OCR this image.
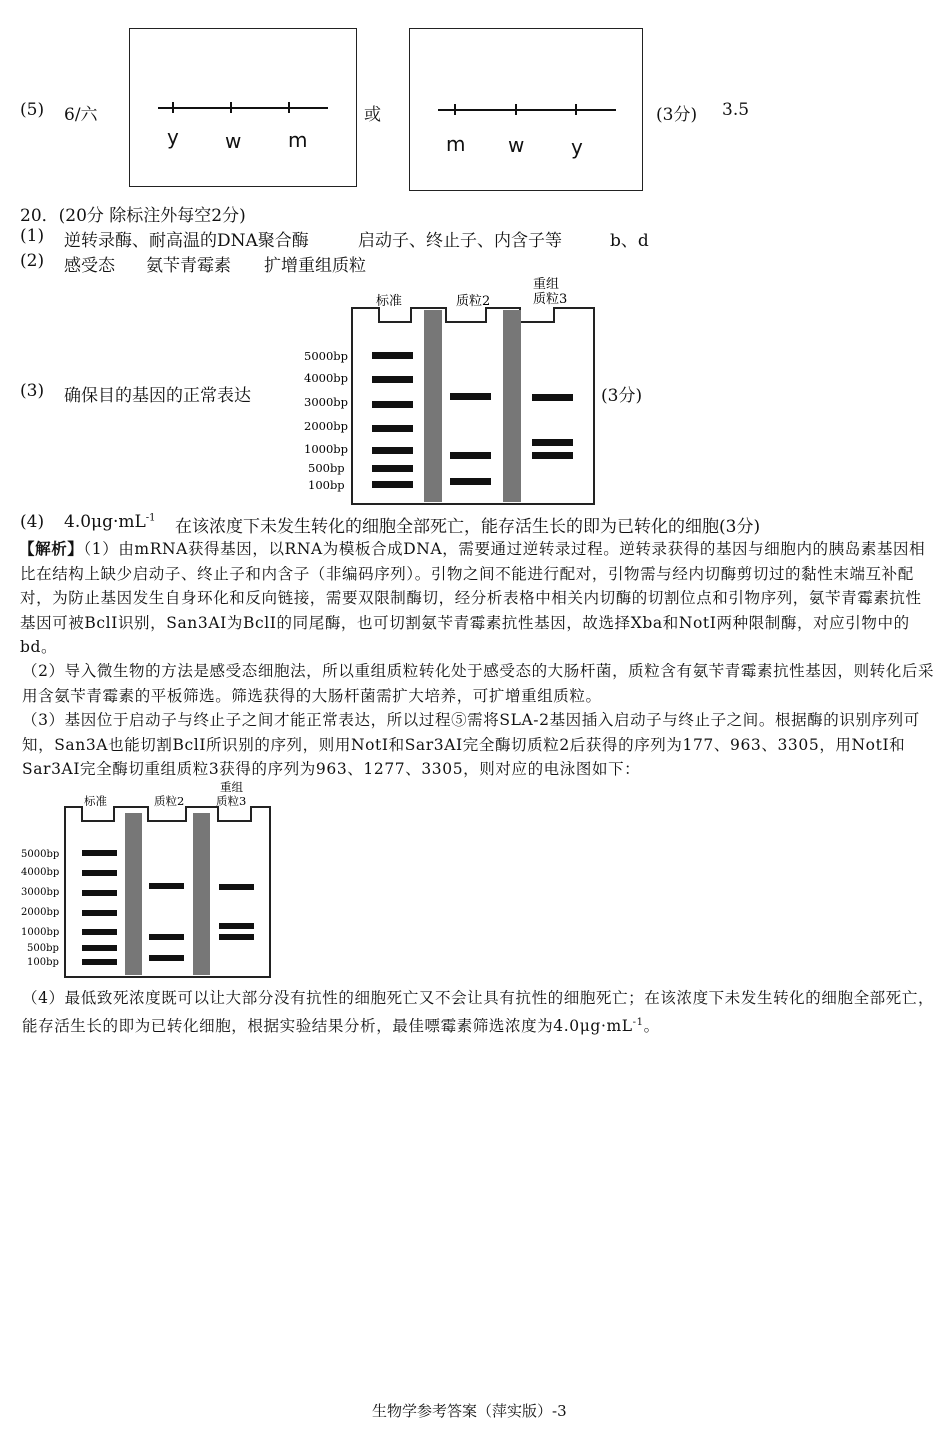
(5) 6/六
y w m
或
m w y
(3分) 3.5
20．(20分 除标注外每空2分)
(1) 逆转录酶、耐高温的DNA聚合酶	启动子、终止子、内含子等	b、d
(2) 感受态 氨苄青霉素 扩增重组质粒
(3) 确保目的基因的正常表达
标准	质粒2
重组
质粒3
5000bp
4000bp
3000bp
2000bp
1000bp
500bp
100bp
(3分)
(4) $4.0\mu g\cdot mL^{-1}$ 在该浓度下未发生转化的细胞全部死亡，能存活生长的即为已转化的细胞(3分)
【解析】（1）由mRNA获得基因，以RNA为模板合成DNA，需要通过逆转录过程。逆转录获得的基因与细胞内的胰岛素基因相比在结构上缺少启动子、终止子和内含子（非编码序列）。引物之间不能进行配对，引物需与经内切酶剪切过的黏性末端互补配对，为防止基因发生自身环化和反向链接，需要双限制酶切，经分析表格中相关内切酶的切割位点和引物序列，氨苄青霉素抗性基因可被BclⅠ识别，San3AⅠ为BclⅠ的同尾酶，也可切割氨苄青霉素抗性基因，故选择Xba和NotⅠ两种限制酶，对应引物中的bd。
（2）导入微生物的方法是感受态细胞法，所以重组质粒转化处于感受态的大肠杆菌，质粒含有氨苄青霉素抗性基因，则转化后采用含氨苄青霉素的平板筛选。筛选获得的大肠杆菌需扩大培养，可扩增重组质粒。
（3）基因位于启动子与终止子之间才能正常表达，所以过程⑤需将SLA-2基因插入启动子与终止子之间。根据酶的识别序列可知，San3A也能切割BclⅠ所识别的序列，则用NotI和Sar3AI完全酶切质粒2后获得的序列为177、963、3305，用NotI和Sar3AI完全酶切重组质粒3获得的序列为963、1277、3305，则对应的电泳图如下：
标准	质粒2
重组
质粒3
5000bp
4000bp
3000bp
2000bp
1000bp
500bp
100bp
（4）最低致死浓度既可以让大部分没有抗性的细胞死亡又不会让具有抗性的细胞死亡；在该浓度下未发生转化的细胞全部死亡，能存活生长的即为已转化细胞，根据实验结果分析，最佳嘌霉素筛选浓度为$4.0\mu g\cdot mL^{-1}$。
生物学参考答案（萍实版）-3
